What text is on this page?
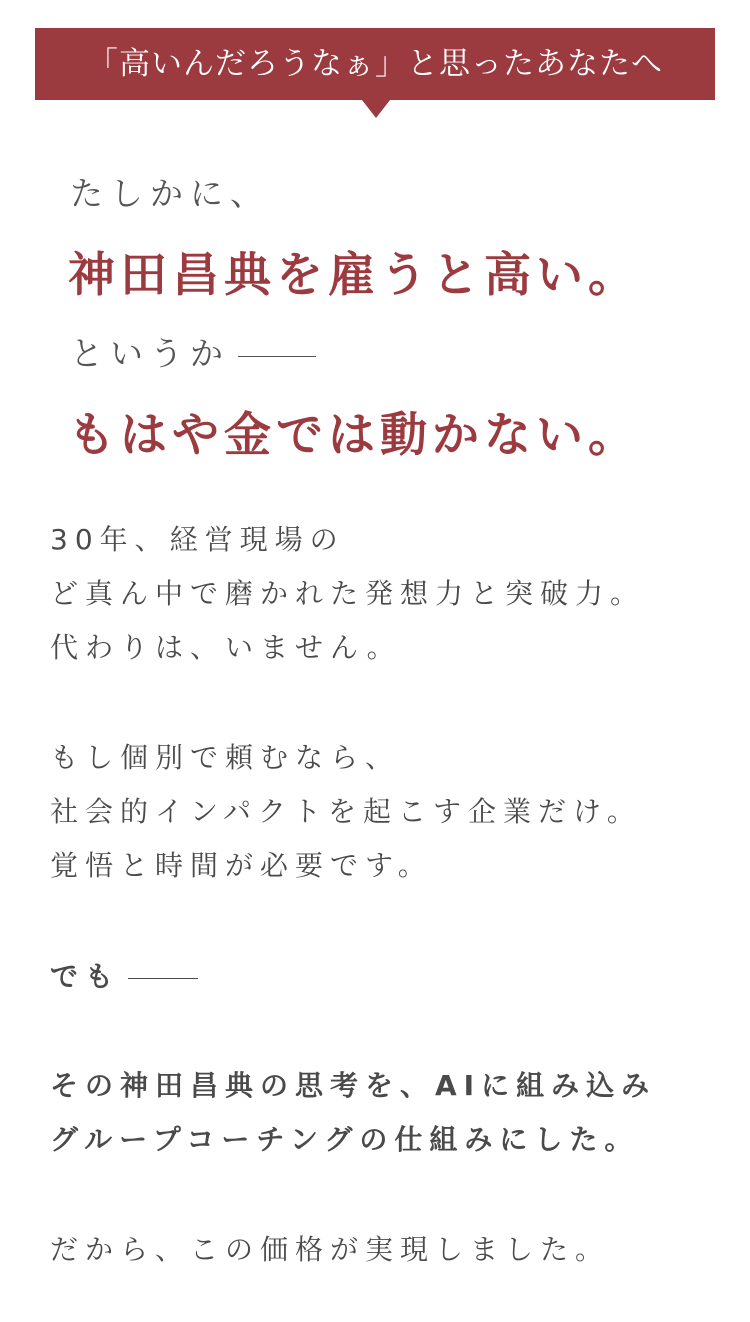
「高いんだろうなぁ」と思ったあなたへ
たしかに、
神田昌典を雇うと高い。
というか
もはや金では動かない。
30年、経営現場の
ど真ん中で磨かれた発想力と突破力。
代わりは、いません。
もし個別で頼むなら、
社会的インパクトを起こす企業だけ。
覚悟と時間が必要です。
でも
その神田昌典の思考を、AIに組み込み
グループコーチングの仕組みにした。
だから、この価格が実現しました。
